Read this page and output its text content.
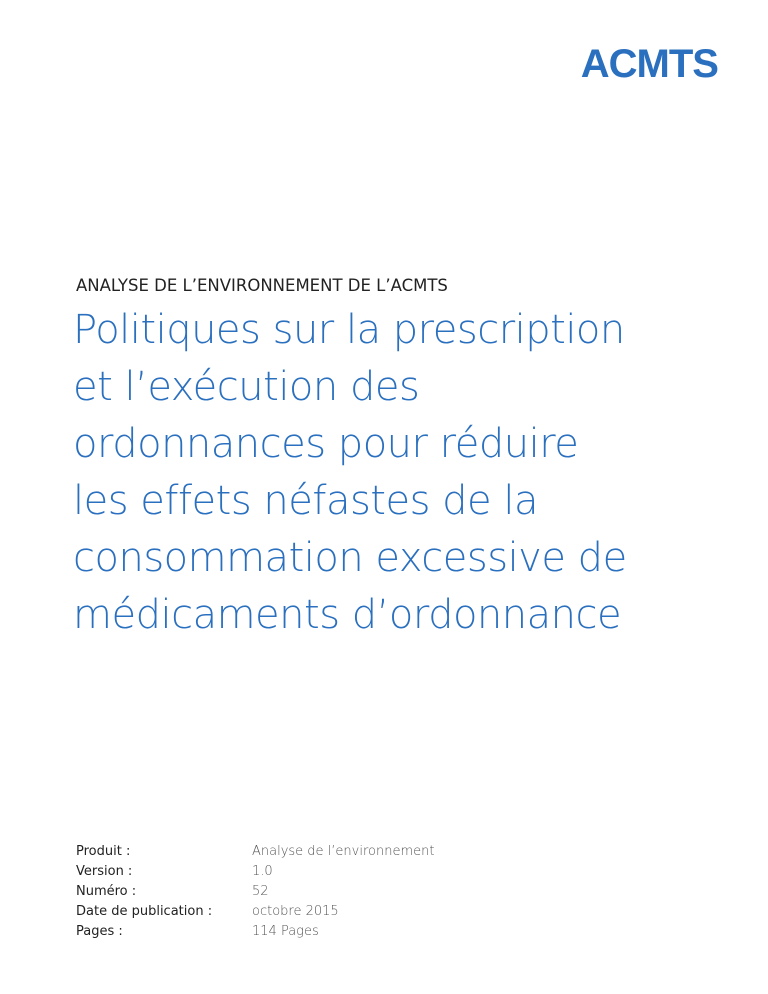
ACMTS
ANALYSE DE L’ENVIRONNEMENT DE L’ACMTS
Politiques sur la prescription
et l’exécution des
ordonnances pour réduire
les effets néfastes de la
consommation excessive de
médicaments d’ordonnance
Produit :	Analyse de l’environnement
Version :	1.0
Numéro :	52
Date de publication :	octobre 2015
Pages :	114 Pages
